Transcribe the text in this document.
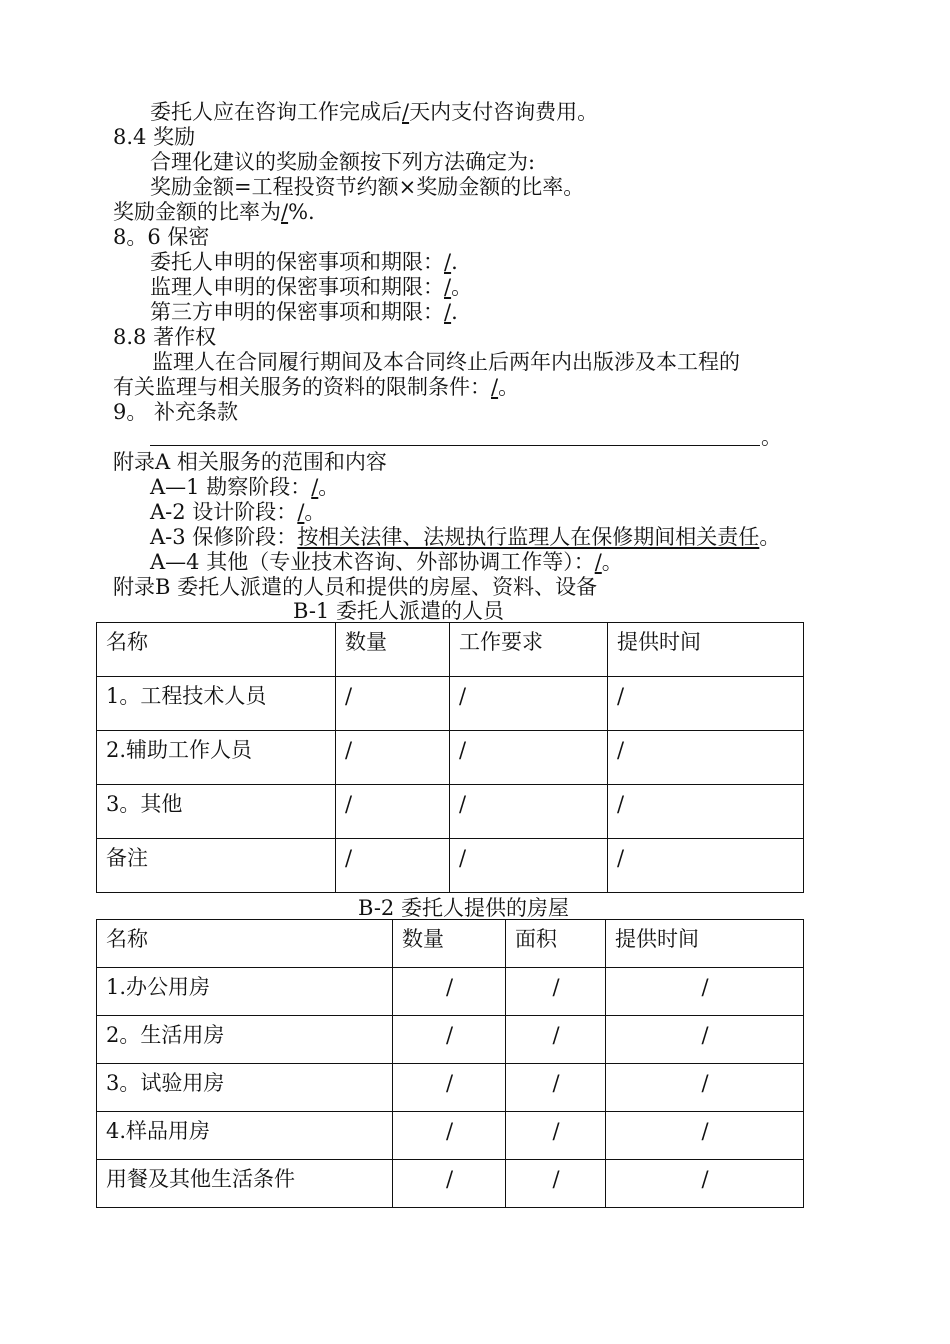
委托人应在咨询工作完成后/天内支付咨询费用。
8.4 奖励
合理化建议的奖励金额按下列方法确定为:
奖励金额=工程投资节约额×奖励金额的比率。
奖励金额的比率为/%.
8。6 保密
委托人申明的保密事项和期限：/.
监理人申明的保密事项和期限：/。
第三方申明的保密事项和期限：/.
8.8 著作权
监理人在合同履行期间及本合同终止后两年内出版涉及本工程的
有关监理与相关服务的资料的限制条件：/。
9。 补充条款
。
附录A 相关服务的范围和内容
A—1 勘察阶段：/。
A-2 设计阶段：/。
A-3 保修阶段：按相关法律、法规执行监理人在保修期间相关责任。
A—4 其他（专业技术咨询、外部协调工作等）：/。
附录B 委托人派遣的人员和提供的房屋、资料、设备
B-1 委托人派遣的人员
名称	数量	工作要求	提供时间
1。工程技术人员	/	/	/
2.辅助工作人员	/	/	/
3。其他	/	/	/
备注	/	/	/
B-2 委托人提供的房屋
名称	数量	面积	提供时间
1.办公用房	/	/	/
2。生活用房	/	/	/
3。试验用房	/	/	/
4.样品用房	/	/	/
用餐及其他生活条件	/	/	/
